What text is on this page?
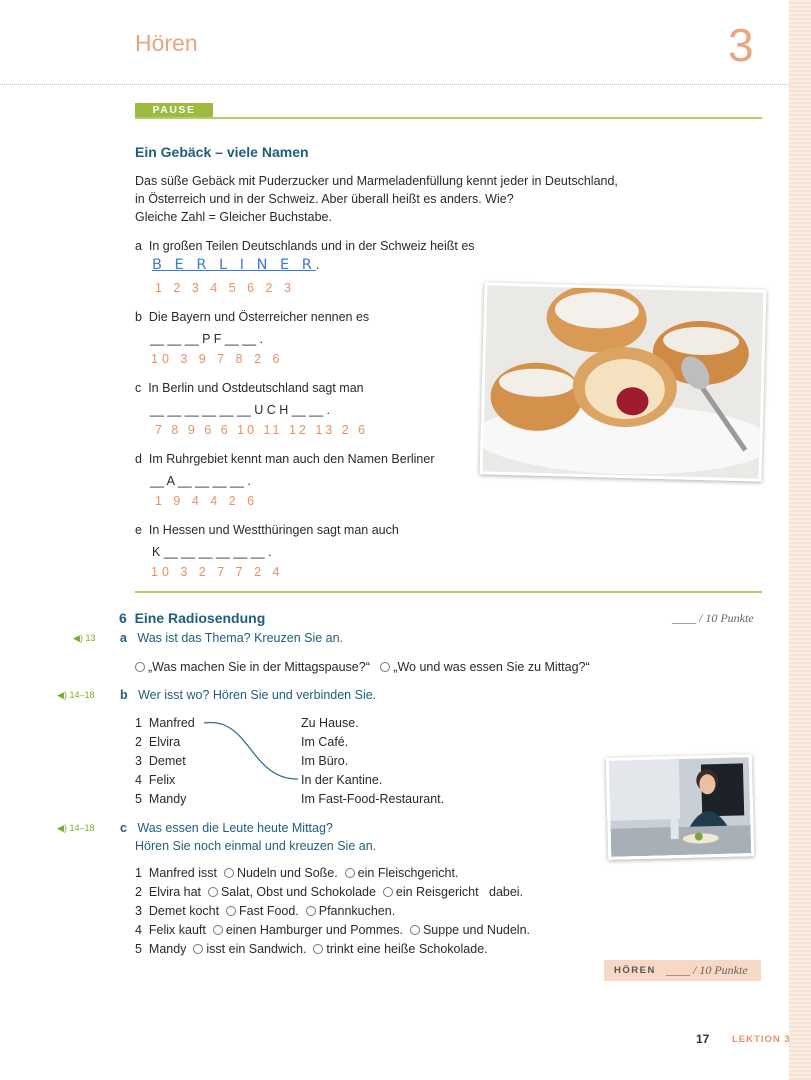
Hören	3
PAUSE
Ein Gebäck – viele Namen
Das süße Gebäck mit Puderzucker und Marmeladenfüllung kennt jeder in Deutschland,
in Österreich und in der Schweiz. Aber überall heißt es anders. Wie?
Gleiche Zahl = Gleicher Buchstabe.
a In großen Teilen Deutschlands und in der Schweiz heißt es
B E R L I N E R.
1 2 3 4 5 6 2 3
b Die Bayern und Österreicher nennen es
__ __ __ P F __ __ .
10 3 9 7 8 2 6
c In Berlin und Ostdeutschland sagt man
__ __ __ __ __ __ U C H __ __ .
7 8 9 6 6 10 11 12 13 2 6
d Im Ruhrgebiet kennt man auch den Namen Berliner
__ A __ __ __ __ .
1 9 4 4 2 6
e In Hessen und Westthüringen sagt man auch
K __ __ __ __ __ __ .
10 3 2 7 7 2 4
6 Eine Radiosendung	____ / 10 Punkte
◀) 13 a Was ist das Thema? Kreuzen Sie an.
„Was machen Sie in der Mittagspause?“ „Wo und was essen Sie zu Mittag?“
◀) 14–18 b Wer isst wo? Hören Sie und verbinden Sie.
1 Manfred
2 Elvira
3 Demet
4 Felix
5 Mandy
Zu Hause.
Im Café.
Im Büro.
In der Kantine.
Im Fast-Food-Restaurant.
◀) 14–18 c Was essen die Leute heute Mittag?
Hören Sie noch einmal und kreuzen Sie an.
1 Manfred isst Nudeln und Soße. ein Fleischgericht.
2 Elvira hat Salat, Obst und Schokolade ein Reisgericht dabei.
3 Demet kocht Fast Food. Pfannkuchen.
4 Felix kauft einen Hamburger und Pommes. Suppe und Nudeln.
5 Mandy isst ein Sandwich. trinkt eine heiße Schokolade.
HÖREN ____ / 10 Punkte
17 LEKTION 3
